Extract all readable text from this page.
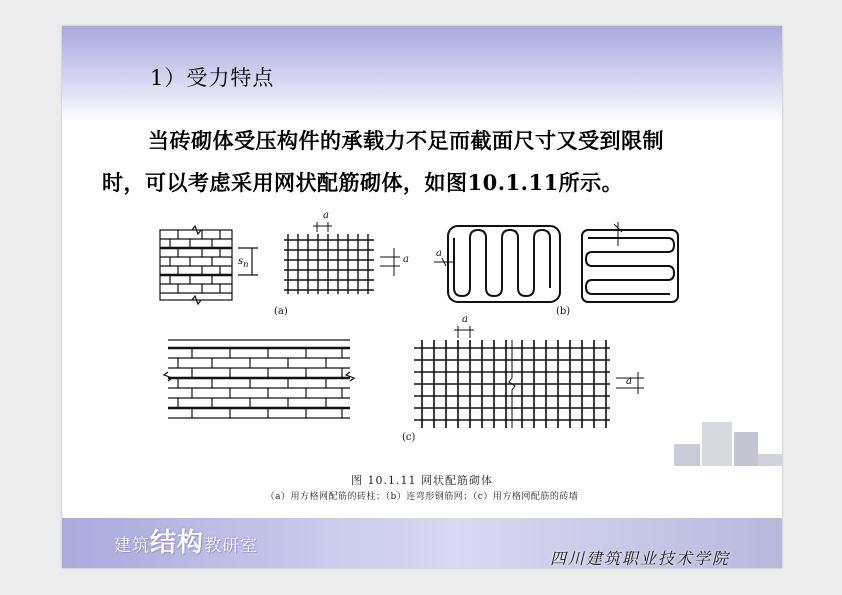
1）受力特点
当砖砌体受压构件的承载力不足而截面尺寸又受到限制
时，可以考虑采用网状配筋砌体，如图10.1.11所示。
(a)	(b)
(c)
a
a
a
a
a
$s_n$
图 10.1.11 网状配筋砌体
（a）用方格网配筋的砖柱；（b）连弯形钢筋网；（c）用方格网配筋的砖墙
建筑结构教研室
四川建筑职业技术学院
